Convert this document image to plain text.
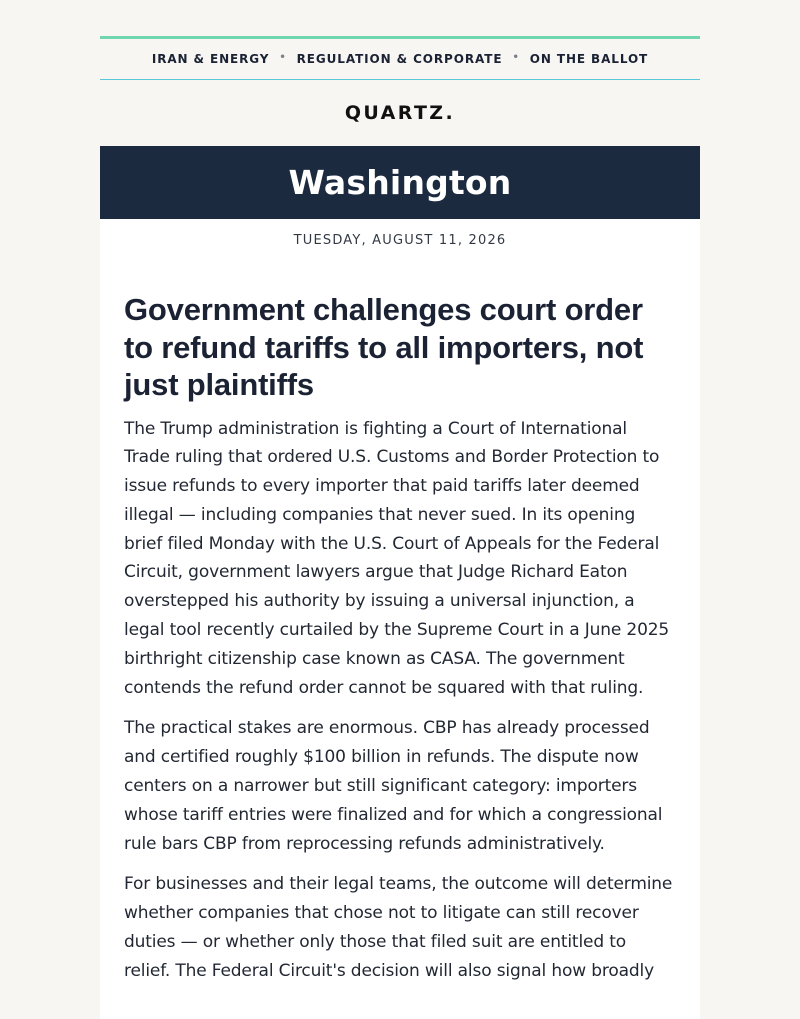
IRAN & ENERGY • REGULATION & CORPORATE • ON THE BALLOT
QUARTZ.
Washington
TUESDAY, AUGUST 11, 2026
Government challenges court order to refund tariffs to all importers, not just plaintiffs

The Trump administration is fighting a Court of International Trade ruling that ordered U.S. Customs and Border Protection to issue refunds to every importer that paid tariffs later deemed illegal — including companies that never sued. In its opening brief filed Monday with the U.S. Court of Appeals for the Federal Circuit, government lawyers argue that Judge Richard Eaton overstepped his authority by issuing a universal injunction, a legal tool recently curtailed by the Supreme Court in a June 2025 birthright citizenship case known as CASA. The government contends the refund order cannot be squared with that ruling.

The practical stakes are enormous. CBP has already processed and certified roughly $100 billion in refunds. The dispute now centers on a narrower but still significant category: importers whose tariff entries were finalized and for which a congressional rule bars CBP from reprocessing refunds administratively.

For businesses and their legal teams, the outcome will determine whether companies that chose not to litigate can still recover duties — or whether only those that filed suit are entitled to relief. The Federal Circuit's decision will also signal how broadly
